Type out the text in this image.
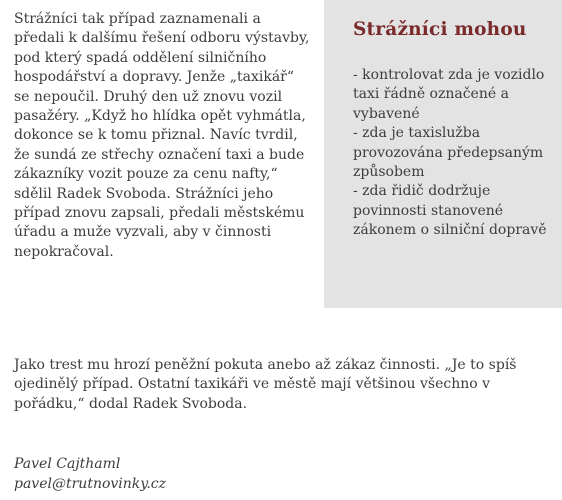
Strážníci tak případ zaznamenali a předali k dalšímu řešení odboru výstavby, pod který spadá oddělení silničního hospodářství a dopravy. Jenže „taxikář“ se nepoučil. Druhý den už znovu vozil pasažéry. „Když ho hlídka opět vyhmátla, dokonce se k tomu přiznal. Navíc tvrdil, že sundá ze střechy označení taxi a bude zákazníky vozit pouze za cenu nafty,“ sdělil Radek Svoboda. Strážníci jeho případ znovu zapsali, předali městskému úřadu a muže vyzvali, aby v činnosti nepokračoval.

Strážníci mohou
- kontrolovat zda je vozidlo taxi řádně označené a vybavené
- zda je taxislužba provozována předepsaným způsobem
- zda řidič dodržuje povinnosti stanovené zákonem o silniční dopravě

Jako trest mu hrozí peněžní pokuta anebo až zákaz činnosti. „Je to spíš ojedinělý případ. Ostatní taxikáři ve městě mají většinou všechno v pořádku,“ dodal Radek Svoboda.

Pavel Cajthaml
pavel@trutnovinky.cz
